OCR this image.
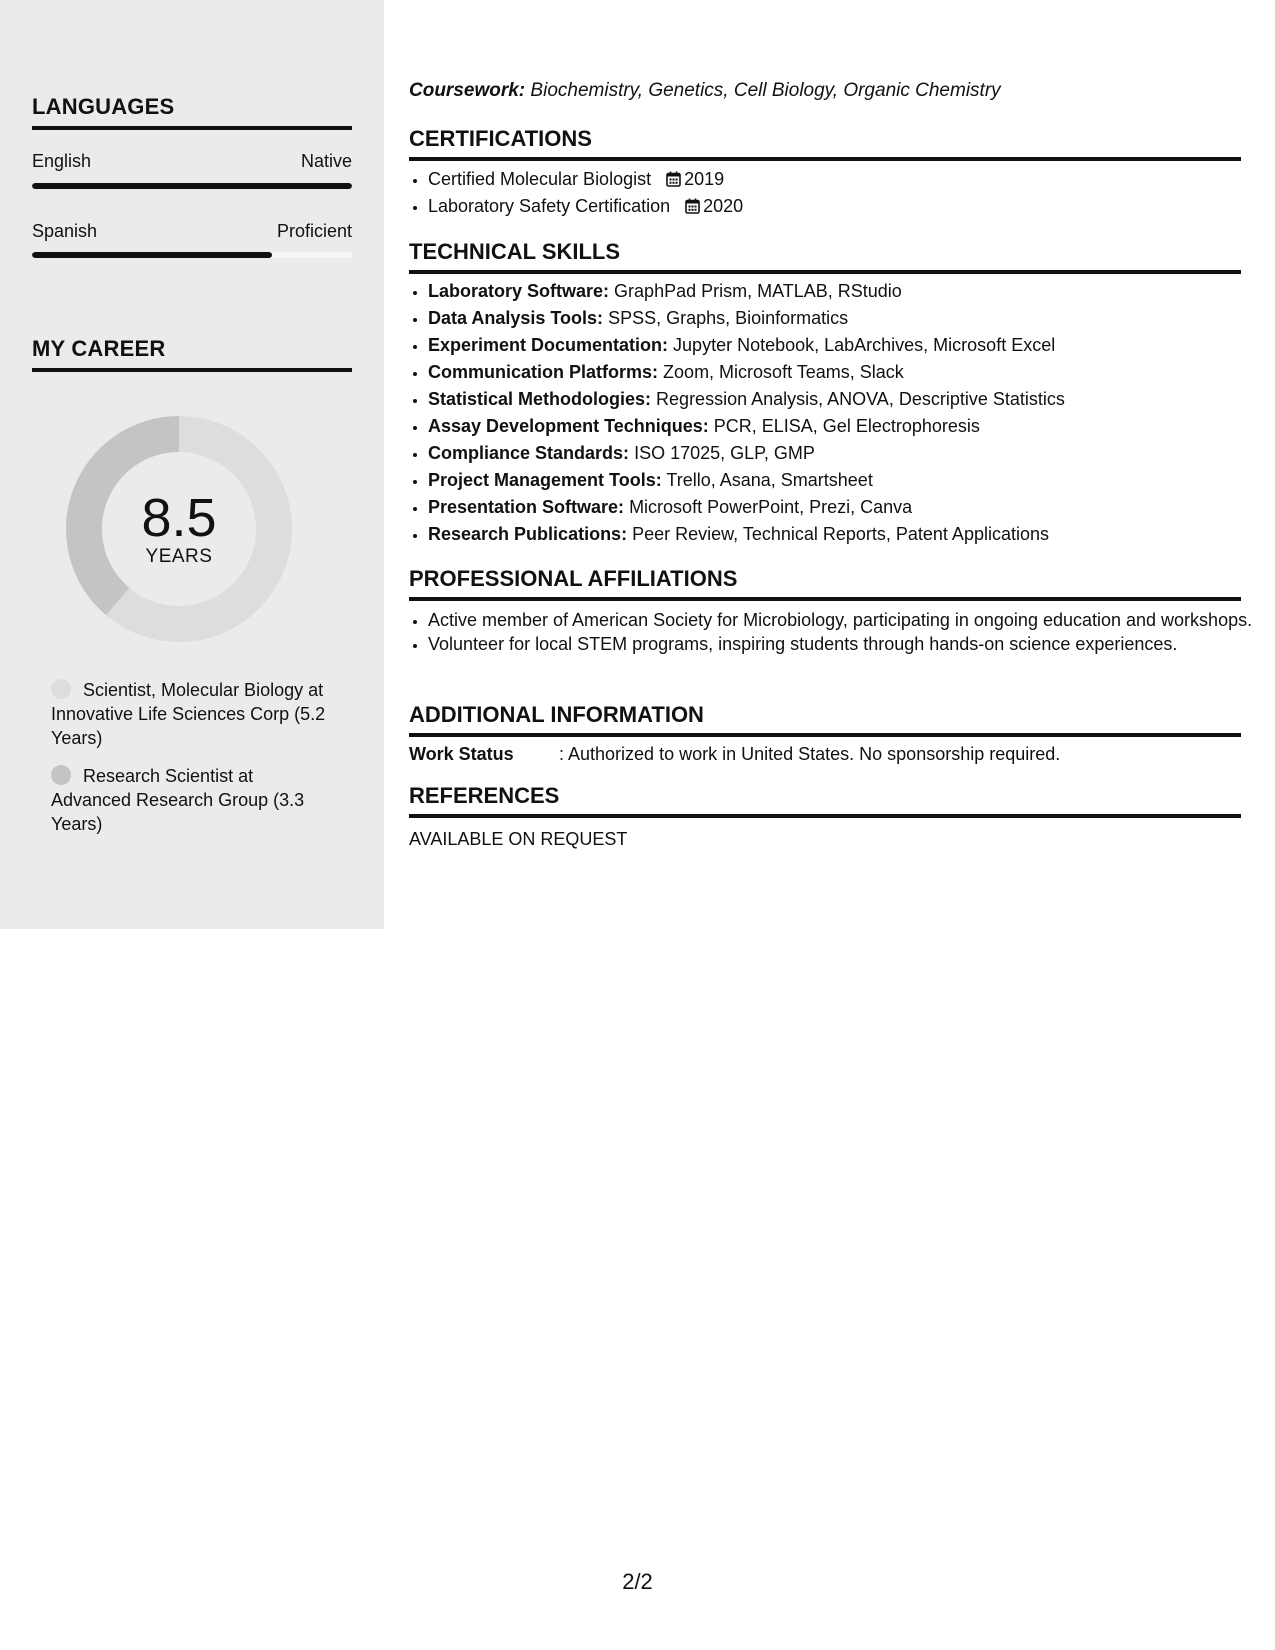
LANGUAGES
English	Native
Spanish	Proficient
MY CAREER
8.5
YEARS
Scientist, Molecular Biology at Innovative Life Sciences Corp (5.2 Years)
Research Scientist at Advanced Research Group (3.3 Years)
Coursework: Biochemistry, Genetics, Cell Biology, Organic Chemistry
CERTIFICATIONS
• Certified Molecular Biologist 2019
• Laboratory Safety Certification 2020
TECHNICAL SKILLS
• Laboratory Software: GraphPad Prism, MATLAB, RStudio
• Data Analysis Tools: SPSS, Graphs, Bioinformatics
• Experiment Documentation: Jupyter Notebook, LabArchives, Microsoft Excel
• Communication Platforms: Zoom, Microsoft Teams, Slack
• Statistical Methodologies: Regression Analysis, ANOVA, Descriptive Statistics
• Assay Development Techniques: PCR, ELISA, Gel Electrophoresis
• Compliance Standards: ISO 17025, GLP, GMP
• Project Management Tools: Trello, Asana, Smartsheet
• Presentation Software: Microsoft PowerPoint, Prezi, Canva
• Research Publications: Peer Review, Technical Reports, Patent Applications
PROFESSIONAL AFFILIATIONS
• Active member of American Society for Microbiology, participating in ongoing education and workshops.
• Volunteer for local STEM programs, inspiring students through hands-on science experiences.
ADDITIONAL INFORMATION
Work Status	: Authorized to work in United States. No sponsorship required.
REFERENCES
AVAILABLE ON REQUEST
2/2
